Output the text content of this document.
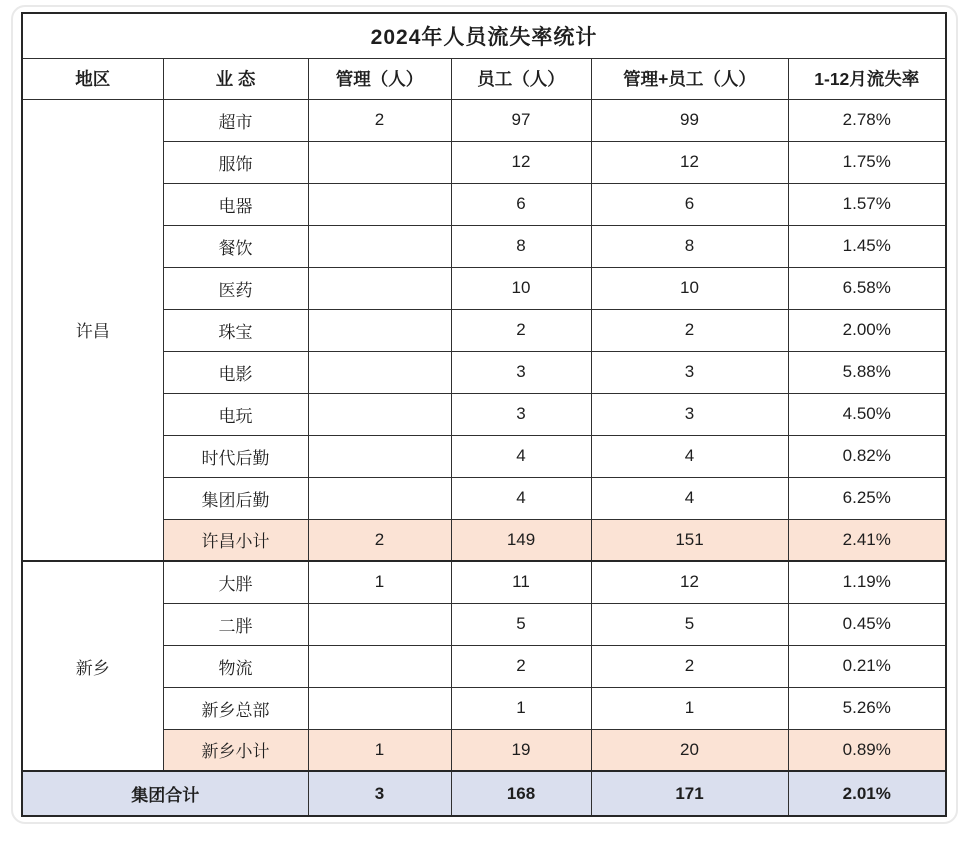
2024年人员流失率统计					
地区	业 态	管理（人）	员工（人）	管理+员工（人）	1-12月流失率
许昌	超市	2	97	99	2.78%
	服饰		12	12	1.75%
	电器		6	6	1.57%
	餐饮		8	8	1.45%
	医药		10	10	6.58%
	珠宝		2	2	2.00%
	电影		3	3	5.88%
	电玩		3	3	4.50%
	时代后勤		4	4	0.82%
	集团后勤		4	4	6.25%
	许昌小计	2	149	151	2.41%
新乡	大胖	1	11	12	1.19%
	二胖		5	5	0.45%
	物流		2	2	0.21%
	新乡总部		1	1	5.26%
	新乡小计	1	19	20	0.89%
集团合计		3	168	171	2.01%
